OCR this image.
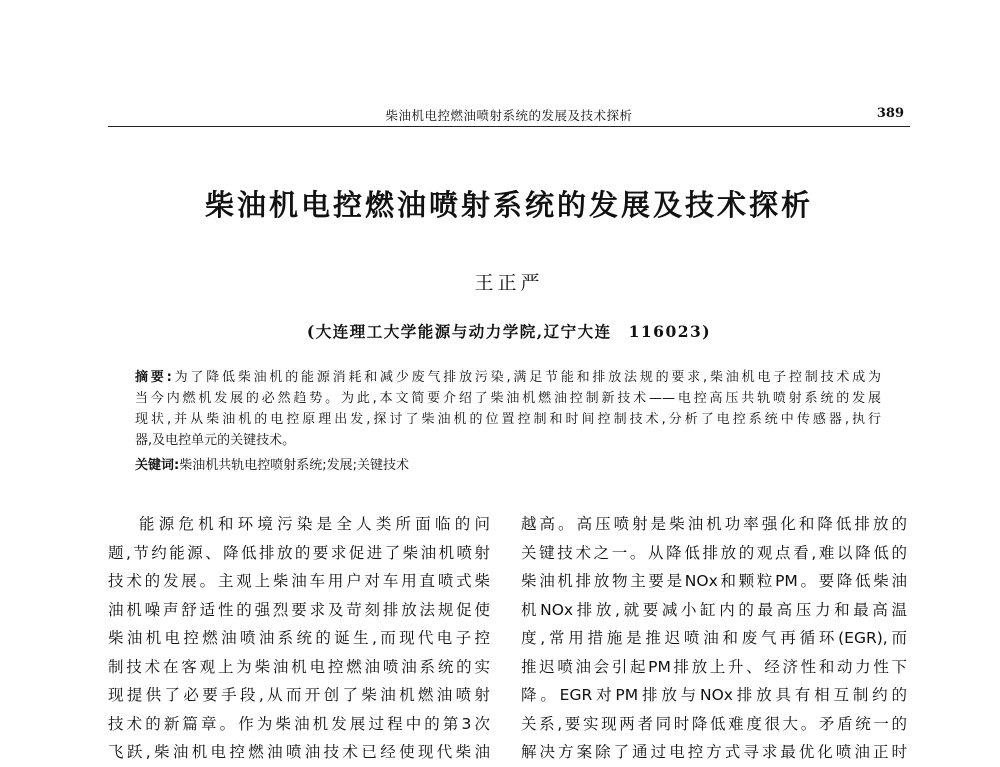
柴油机电控燃油喷射系统的发展及技术探析	389
柴油机电控燃油喷射系统的发展及技术探析
王正严
(大连理工大学能源与动力学院,辽宁大连　116023)
摘要:为了降低柴油机的能源消耗和减少废气排放污染,满足节能和排放法规的要求,柴油机电子控制技术成为
当今内燃机发展的必然趋势。为此,本文简要介绍了柴油机燃油控制新技术——电控高压共轨喷射系统的发展
现状,并从柴油机的电控原理出发,探讨了柴油机的位置控制和时间控制技术,分析了电控系统中传感器,执行
器,及电控单元的关键技术。
关键词:柴油机共轨电控喷射系统;发展;关键技术
能源危机和环境污染是全人类所面临的问
题,节约能源、降低排放的要求促进了柴油机喷射
技术的发展。主观上柴油车用户对车用直喷式柴
油机噪声舒适性的强烈要求及苛刻排放法规促使
柴油机电控燃油喷油系统的诞生,而现代电子控
制技术在客观上为柴油机电控燃油喷油系统的实
现提供了必要手段,从而开创了柴油机燃油喷射
技术的新篇章。作为柴油机发展过程中的第3次
飞跃,柴油机电控燃油喷油技术已经使现代柴油
越高。高压喷射是柴油机功率强化和降低排放的
关键技术之一。从降低排放的观点看,难以降低的
柴油机排放物主要是NOx和颗粒PM。要降低柴油
机NOx排放,就要减小缸内的最高压力和最高温
度,常用措施是推迟喷油和废气再循环(EGR),而
推迟喷油会引起PM排放上升、经济性和动力性下
降。EGR对PM排放与NOx排放具有相互制约的
关系,要实现两者同时降低难度很大。矛盾统一的
解决方案除了通过电控方式寻求最优化喷油正时
